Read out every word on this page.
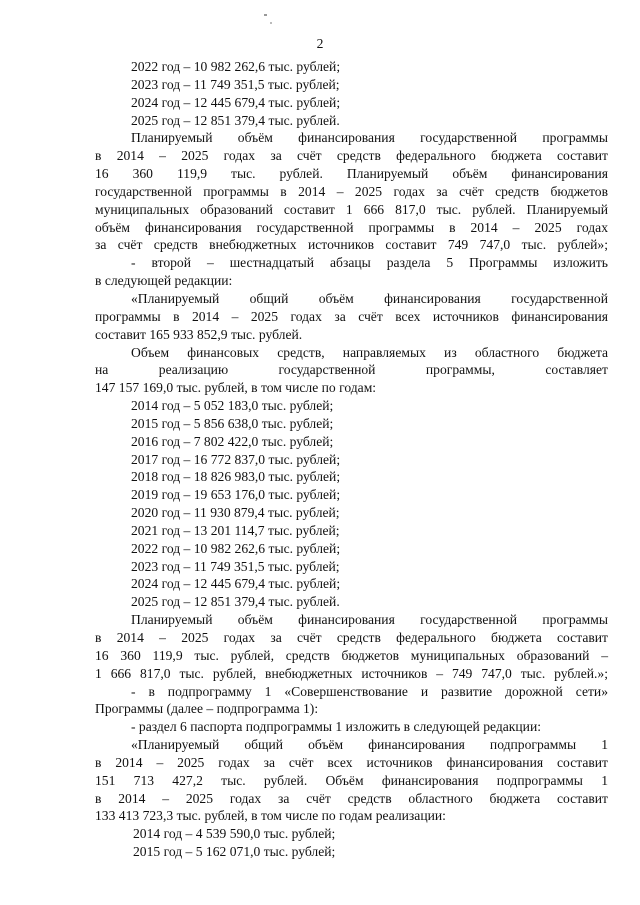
2
2022 год – 10 982 262,6 тыс. рублей;
2023 год – 11 749 351,5 тыс. рублей;
2024 год – 12 445 679,4 тыс. рублей;
2025 год – 12 851 379,4 тыс. рублей.
Планируемый объём финансирования государственной программы
в 2014 – 2025 годах за счёт средств федерального бюджета составит
16 360 119,9 тыс. рублей. Планируемый объём финансирования
государственной программы в 2014 – 2025 годах за счёт средств бюджетов
муниципальных образований составит 1 666 817,0 тыс. рублей. Планируемый
объём финансирования государственной программы в 2014 – 2025 годах
за счёт средств внебюджетных источников составит 749 747,0 тыс. рублей»;
- второй – шестнадцатый абзацы раздела 5 Программы изложить
в следующей редакции:
«Планируемый общий объём финансирования государственной
программы в 2014 – 2025 годах за счёт всех источников финансирования
составит 165 933 852,9 тыс. рублей.
Объем финансовых средств, направляемых из областного бюджета
на реализацию государственной программы, составляет
147 157 169,0 тыс. рублей, в том числе по годам:
2014 год – 5 052 183,0 тыс. рублей;
2015 год – 5 856 638,0 тыс. рублей;
2016 год – 7 802 422,0 тыс. рублей;
2017 год – 16 772 837,0 тыс. рублей;
2018 год – 18 826 983,0 тыс. рублей;
2019 год – 19 653 176,0 тыс. рублей;
2020 год – 11 930 879,4 тыс. рублей;
2021 год – 13 201 114,7 тыс. рублей;
2022 год – 10 982 262,6 тыс. рублей;
2023 год – 11 749 351,5 тыс. рублей;
2024 год – 12 445 679,4 тыс. рублей;
2025 год – 12 851 379,4 тыс. рублей.
Планируемый объём финансирования государственной программы
в 2014 – 2025 годах за счёт средств федерального бюджета составит
16 360 119,9 тыс. рублей, средств бюджетов муниципальных образований –
1 666 817,0 тыс. рублей, внебюджетных источников – 749 747,0 тыс. рублей.»;
- в подпрограмму 1 «Совершенствование и развитие дорожной сети»
Программы (далее – подпрограмма 1):
- раздел 6 паспорта подпрограммы 1 изложить в следующей редакции:
«Планируемый общий объём финансирования подпрограммы 1
в 2014 – 2025 годах за счёт всех источников финансирования составит
151 713 427,2 тыс. рублей. Объём финансирования подпрограммы 1
в 2014 – 2025 годах за счёт средств областного бюджета составит
133 413 723,3 тыс. рублей, в том числе по годам реализации:
2014 год – 4 539 590,0 тыс. рублей;
2015 год – 5 162 071,0 тыс. рублей;
